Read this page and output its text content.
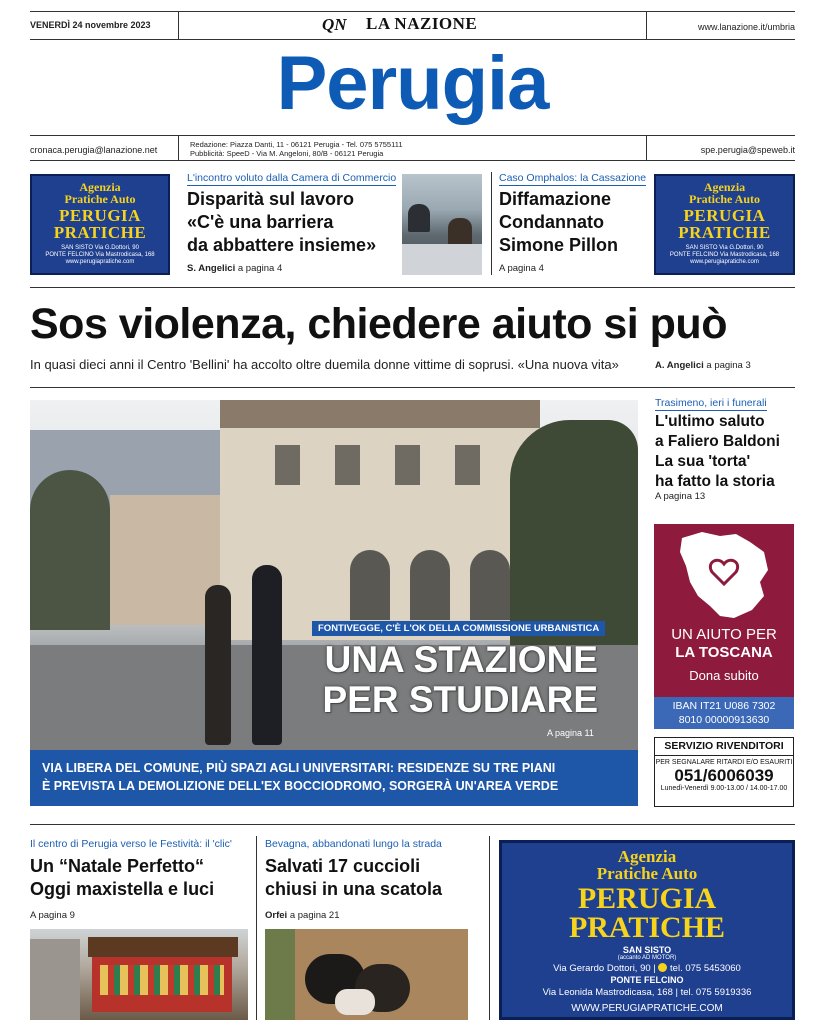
VENERDÌ 24 novembre 2023	QN LA NAZIONE	www.lanazione.it/umbria
Perugia
cronaca.perugia@lanazione.net
Redazione: Piazza Danti, 11 - 06121 Perugia - Tel. 075 5755111
Pubblicità: SpeeD - Via M. Angeloni, 80/B - 06121 Perugia	spe.perugia@speweb.it
Agenzia
Pratiche Auto
PERUGIA
PRATICHE
SAN SISTO Via G.Dottori, 90
PONTE FELCINO Via Mastrodicasa, 168
www.perugiapratiche.com
L'incontro voluto dalla Camera di Commercio
Disparità sul lavoro
«C'è una barriera
da abbattere insieme»
S. Angelici a pagina 4
Caso Omphalos: la Cassazione
Diffamazione
Condannato
Simone Pillon
A pagina 4
Agenzia
Pratiche Auto
PERUGIA
PRATICHE
SAN SISTO Via G.Dottori, 90
PONTE FELCINO Via Mastrodicasa, 168
www.perugiapratiche.com
Sos violenza, chiedere aiuto si può
In quasi dieci anni il Centro 'Bellini' ha accolto oltre duemila donne vittime di soprusi. «Una nuova vita»	A. Angelici a pagina 3
FONTIVEGGE, C'È L'OK DELLA COMMISSIONE URBANISTICA
UNA STAZIONE
PER STUDIARE
A pagina 11
VIA LIBERA DEL COMUNE, PIÙ SPAZI AGLI UNIVERSITARI: RESIDENZE SU TRE PIANI
È PREVISTA LA DEMOLIZIONE DELL'EX BOCCIODROMO, SORGERÀ UN'AREA VERDE
Trasimeno, ieri i funerali
L'ultimo saluto
a Faliero Baldoni
La sua 'torta'
ha fatto la storia
A pagina 13
UN AIUTO PER
LA TOSCANA
Dona subito
IBAN IT21 U086 7302
8010 00000913630
SERVIZIO RIVENDITORI
PER SEGNALARE RITARDI E/O ESAURITI
051/6006039
Lunedì-Venerdì 9.00-13.00 / 14.00-17.00
Il centro di Perugia verso le Festività: il 'clic'
Un “Natale Perfetto“
Oggi maxistella e luci
A pagina 9
Bevagna, abbandonati lungo la strada
Salvati 17 cuccioli
chiusi in una scatola
Orfei a pagina 21
Agenzia
Pratiche Auto
PERUGIA
PRATICHE
SAN SISTO
(accanto AD MOTOR)
Via Gerardo Dottori, 90 | tel. 075 5453060
PONTE FELCINO
Via Leonida Mastrodicasa, 168 | tel. 075 5919336
WWW.PERUGIAPRATICHE.COM
